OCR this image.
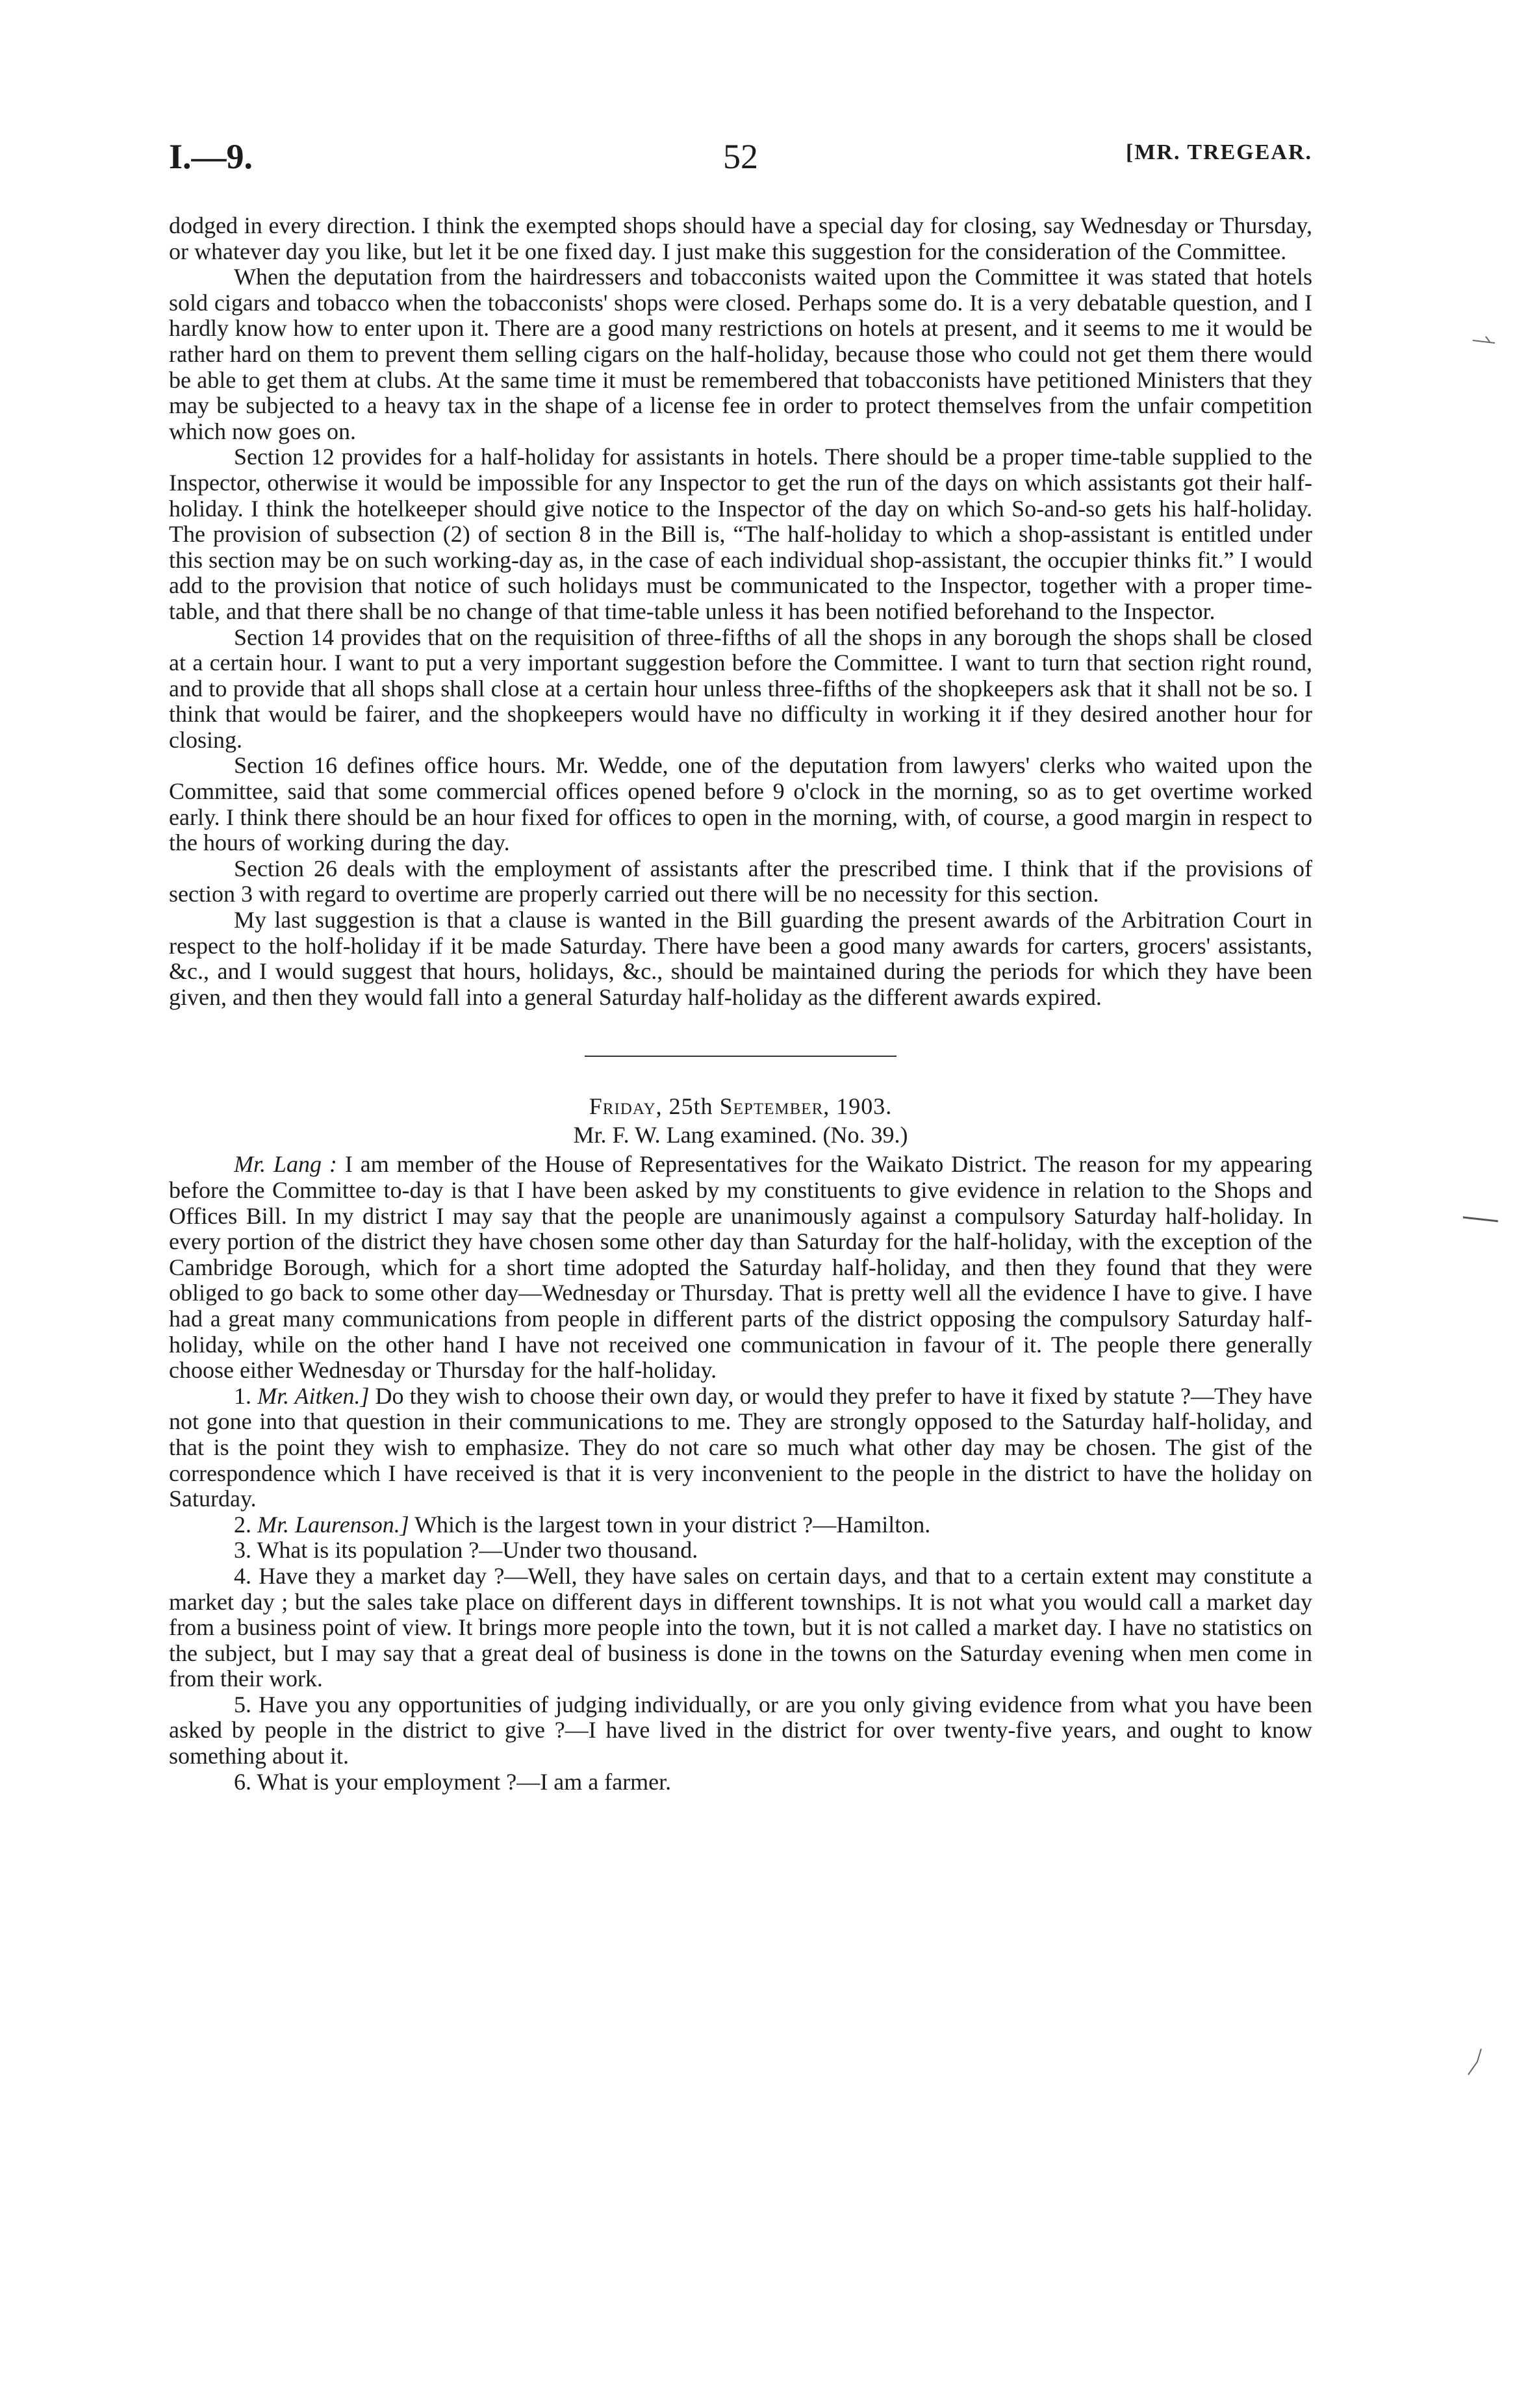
I.—9.	52	[MR. TREGEAR.

dodged in every direction. I think the exempted shops should have a special day for closing, say Wednesday or Thursday, or whatever day you like, but let it be one fixed day. I just make this suggestion for the consideration of the Committee.

When the deputation from the hairdressers and tobacconists waited upon the Committee it was stated that hotels sold cigars and tobacco when the tobacconists' shops were closed. Perhaps some do. It is a very debatable question, and I hardly know how to enter upon it. There are a good many restrictions on hotels at present, and it seems to me it would be rather hard on them to prevent them selling cigars on the half-holiday, because those who could not get them there would be able to get them at clubs. At the same time it must be remembered that tobacconists have petitioned Ministers that they may be subjected to a heavy tax in the shape of a license fee in order to protect themselves from the unfair competition which now goes on.

Section 12 provides for a half-holiday for assistants in hotels. There should be a proper time-table supplied to the Inspector, otherwise it would be impossible for any Inspector to get the run of the days on which assistants got their half-holiday. I think the hotelkeeper should give notice to the Inspector of the day on which So-and-so gets his half-holiday. The provision of subsection (2) of section 8 in the Bill is, “The half-holiday to which a shop-assistant is entitled under this section may be on such working-day as, in the case of each individual shop-assistant, the occupier thinks fit.” I would add to the provision that notice of such holidays must be communicated to the Inspector, together with a proper time-table, and that there shall be no change of that time-table unless it has been notified beforehand to the Inspector.

Section 14 provides that on the requisition of three-fifths of all the shops in any borough the shops shall be closed at a certain hour. I want to put a very important suggestion before the Committee. I want to turn that section right round, and to provide that all shops shall close at a certain hour unless three-fifths of the shopkeepers ask that it shall not be so. I think that would be fairer, and the shopkeepers would have no difficulty in working it if they desired another hour for closing.

Section 16 defines office hours. Mr. Wedde, one of the deputation from lawyers' clerks who waited upon the Committee, said that some commercial offices opened before 9 o'clock in the morning, so as to get overtime worked early. I think there should be an hour fixed for offices to open in the morning, with, of course, a good margin in respect to the hours of working during the day.

Section 26 deals with the employment of assistants after the prescribed time. I think that if the provisions of section 3 with regard to overtime are properly carried out there will be no necessity for this section.

My last suggestion is that a clause is wanted in the Bill guarding the present awards of the Arbitration Court in respect to the holf-holiday if it be made Saturday. There have been a good many awards for carters, grocers' assistants, &c., and I would suggest that hours, holidays, &c., should be maintained during the periods for which they have been given, and then they would fall into a general Saturday half-holiday as the different awards expired.

Friday, 25th September, 1903.
Mr. F. W. Lang examined. (No. 39.)

Mr. Lang : I am member of the House of Representatives for the Waikato District. The reason for my appearing before the Committee to-day is that I have been asked by my constituents to give evidence in relation to the Shops and Offices Bill. In my district I may say that the people are unanimously against a compulsory Saturday half-holiday. In every portion of the district they have chosen some other day than Saturday for the half-holiday, with the exception of the Cambridge Borough, which for a short time adopted the Saturday half-holiday, and then they found that they were obliged to go back to some other day—Wednesday or Thursday. That is pretty well all the evidence I have to give. I have had a great many communications from people in different parts of the district opposing the compulsory Saturday half-holiday, while on the other hand I have not received one communication in favour of it. The people there generally choose either Wednesday or Thursday for the half-holiday.

1. Mr. Aitken.] Do they wish to choose their own day, or would they prefer to have it fixed by statute ?—They have not gone into that question in their communications to me. They are strongly opposed to the Saturday half-holiday, and that is the point they wish to emphasize. They do not care so much what other day may be chosen. The gist of the correspondence which I have received is that it is very inconvenient to the people in the district to have the holiday on Saturday.

2. Mr. Laurenson.] Which is the largest town in your district ?—Hamilton.

3. What is its population ?—Under two thousand.

4. Have they a market day ?—Well, they have sales on certain days, and that to a certain extent may constitute a market day ; but the sales take place on different days in different townships. It is not what you would call a market day from a business point of view. It brings more people into the town, but it is not called a market day. I have no statistics on the subject, but I may say that a great deal of business is done in the towns on the Saturday evening when men come in from their work.

5. Have you any opportunities of judging individually, or are you only giving evidence from what you have been asked by people in the district to give ?—I have lived in the district for over twenty-five years, and ought to know something about it.

6. What is your employment ?—I am a farmer.
